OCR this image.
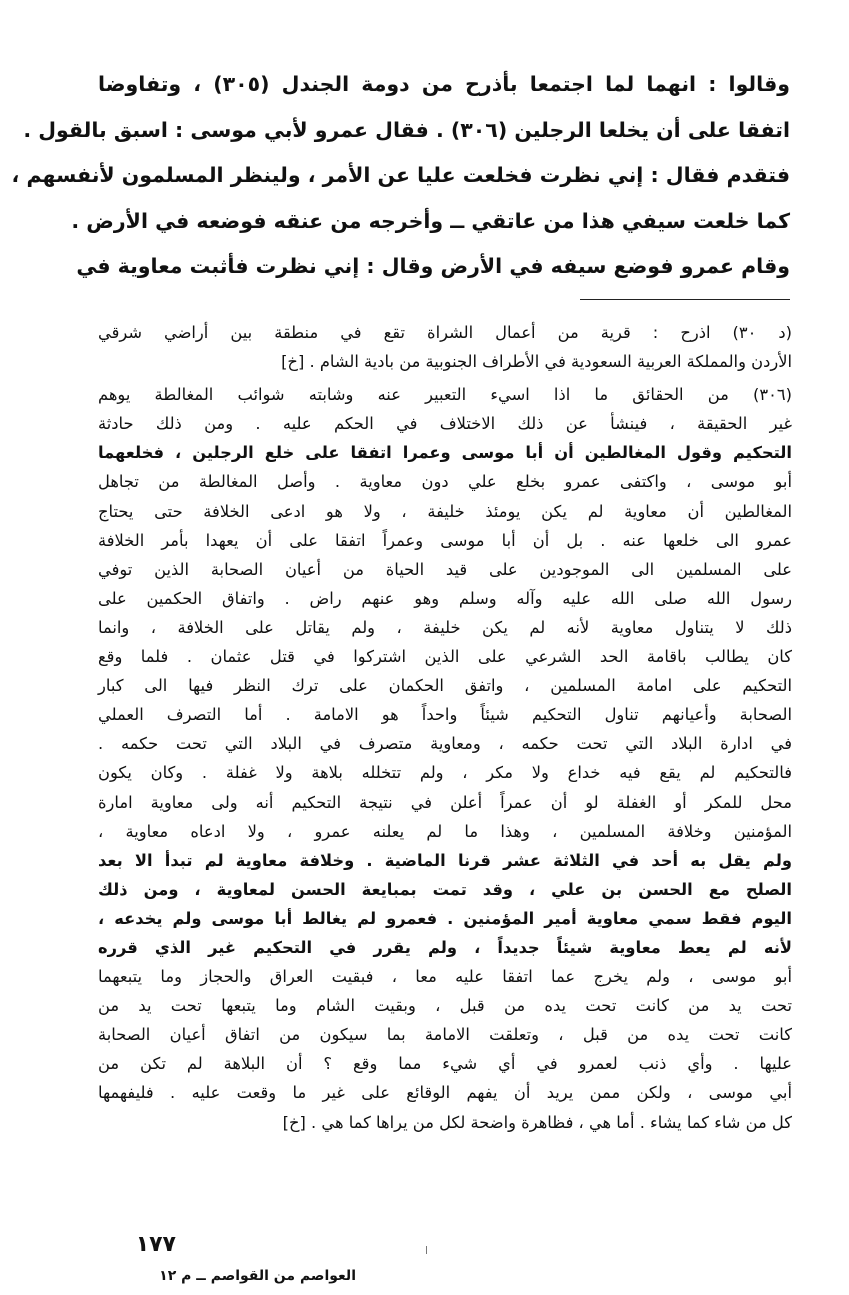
وقالوا : انهما لما اجتمعا بأذرح من دومة الجندل (٣٠٥) ، وتفاوضا
اتفقا على أن يخلعا الرجلين (٣٠٦) . فقال عمرو لأبي موسى : اسبق بالقول .
فتقدم فقال : إني نظرت فخلعت عليا عن الأمر ، ولينظر المسلمون لأنفسهم ،
كما خلعت سيفي هذا من عاتقي ــ وأخرجه من عنقه فوضعه في الأرض .
وقام عمرو فوضع سيفه في الأرض وقال : إني نظرت فأثبت معاوية في
(د ٣٠) اذرح : قرية من أعمال الشراة تقع في منطقة بين أراضي شرقي
الأردن والمملكة العربية السعودية في الأطراف الجنوبية من بادية الشام . [خ]
(٣٠٦) من الحقائق ما اذا اسيء التعبير عنه وشابته شوائب المغالطة يوهم
غير الحقيقة ، فينشأ عن ذلك الاختلاف في الحكم عليه . ومن ذلك حادثة
التحكيم وقول المغالطين أن أبا موسى وعمرا اتفقا على خلع الرجلين ، فخلعهما
أبو موسى ، واكتفى عمرو بخلع علي دون معاوية . وأصل المغالطة من تجاهل
المغالطين أن معاوية لم يكن يومئذ خليفة ، ولا هو ادعى الخلافة حتى يحتاج
عمرو الى خلعها عنه . بل أن أبا موسى وعمراً اتفقا على أن يعهدا بأمر الخلافة
على المسلمين الى الموجودين على قيد الحياة من أعيان الصحابة الذين توفي
رسول الله صلى الله عليه وآله وسلم وهو عنهم راض . واتفاق الحكمين على
ذلك لا يتناول معاوية لأنه لم يكن خليفة ، ولم يقاتل على الخلافة ، وانما
كان يطالب باقامة الحد الشرعي على الذين اشتركوا في قتل عثمان . فلما وقع
التحكيم على امامة المسلمين ، واتفق الحكمان على ترك النظر فيها الى كبار
الصحابة وأعيانهم تناول التحكيم شيئاً واحداً هو الامامة . أما التصرف العملي
في ادارة البلاد التي تحت حكمه ، ومعاوية متصرف في البلاد التي تحت حكمه .
فالتحكيم لم يقع فيه خداع ولا مكر ، ولم تتخلله بلاهة ولا غفلة . وكان يكون
محل للمكر أو الغفلة لو أن عمراً أعلن في نتيجة التحكيم أنه ولى معاوية امارة
المؤمنين وخلافة المسلمين ، وهذا ما لم يعلنه عمرو ، ولا ادعاه معاوية ،
ولم يقل به أحد في الثلاثة عشر قرنا الماضية . وخلافة معاوية لم تبدأ الا بعد
الصلح مع الحسن بن علي ، وقد تمت بمبايعة الحسن لمعاوية ، ومن ذلك
اليوم فقط سمي معاوية أمير المؤمنين . فعمرو لم يغالط أبا موسى ولم يخدعه ،
لأنه لم يعط معاوية شيئاً جديداً ، ولم يقرر في التحكيم غير الذي قرره
أبو موسى ، ولم يخرج عما اتفقا عليه معا ، فبقيت العراق والحجاز وما يتبعهما
تحت يد من كانت تحت يده من قبل ، وبقيت الشام وما يتبعها تحت يد من
كانت تحت يده من قبل ، وتعلقت الامامة بما سيكون من اتفاق أعيان الصحابة
عليها . وأي ذنب لعمرو في أي شيء مما وقع ؟ أن البلاهة لم تكن من
أبي موسى ، ولكن ممن يريد أن يفهم الوقائع على غير ما وقعت عليه . فليفهمها
كل من شاء كما يشاء . أما هي ، فظاهرة واضحة لكل من يراها كما هي . [خ]
١٧٧
العواصم من القواصم ــ م ١٢
